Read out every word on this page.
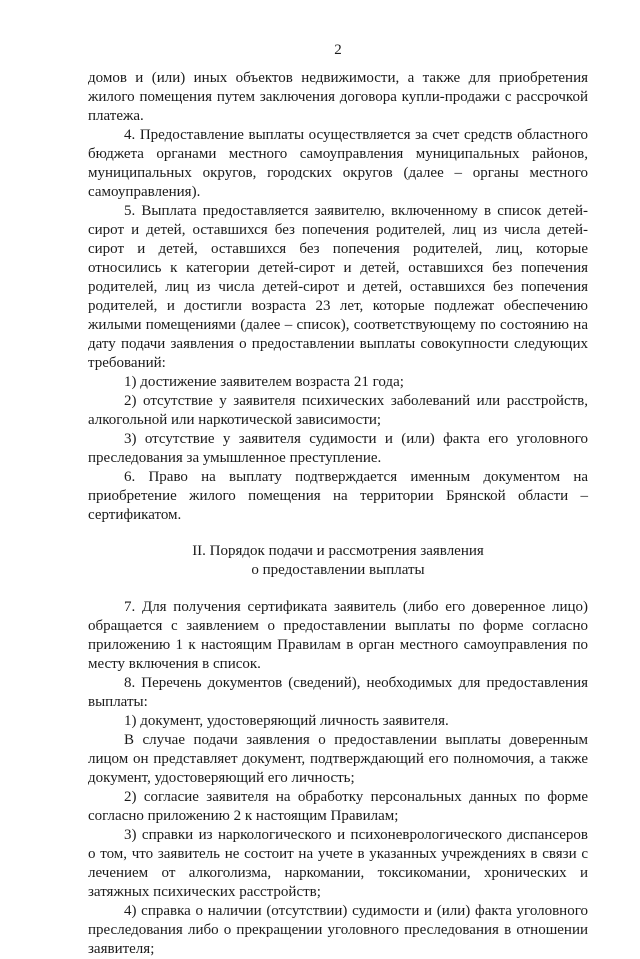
2

домов и (или) иных объектов недвижимости, а также для приобретения жилого помещения путем заключения договора купли-продажи с рассрочкой платежа.

4. Предоставление выплаты осуществляется за счет средств областного бюджета органами местного самоуправления муниципальных районов, муниципальных округов, городских округов (далее – органы местного самоуправления).

5. Выплата предоставляется заявителю, включенному в список детей-сирот и детей, оставшихся без попечения родителей, лиц из числа детей-сирот и детей, оставшихся без попечения родителей, лиц, которые относились к категории детей-сирот и детей, оставшихся без попечения родителей, лиц из числа детей-сирот и детей, оставшихся без попечения родителей, и достигли возраста 23 лет, которые подлежат обеспечению жилыми помещениями (далее – список), соответствующему по состоянию на дату подачи заявления о предоставлении выплаты совокупности следующих требований:

1) достижение заявителем возраста 21 года;

2) отсутствие у заявителя психических заболеваний или расстройств, алкогольной или наркотической зависимости;

3) отсутствие у заявителя судимости и (или) факта его уголовного преследования за умышленное преступление.

6. Право на выплату подтверждается именным документом на приобретение жилого помещения на территории Брянской области – сертификатом.

II. Порядок подачи и рассмотрения заявления
о предоставлении выплаты

7. Для получения сертификата заявитель (либо его доверенное лицо) обращается с заявлением о предоставлении выплаты по форме согласно приложению 1 к настоящим Правилам в орган местного самоуправления по месту включения в список.

8. Перечень документов (сведений), необходимых для предоставления выплаты:

1) документ, удостоверяющий личность заявителя.

В случае подачи заявления о предоставлении выплаты доверенным лицом он представляет документ, подтверждающий его полномочия, а также документ, удостоверяющий его личность;

2) согласие заявителя на обработку персональных данных по форме согласно приложению 2 к настоящим Правилам;

3) справки из наркологического и психоневрологического диспансеров о том, что заявитель не состоит на учете в указанных учреждениях в связи с лечением от алкоголизма, наркомании, токсикомании, хронических и затяжных психических расстройств;

4) справка о наличии (отсутствии) судимости и (или) факта уголовного преследования либо о прекращении уголовного преследования в отношении заявителя;
